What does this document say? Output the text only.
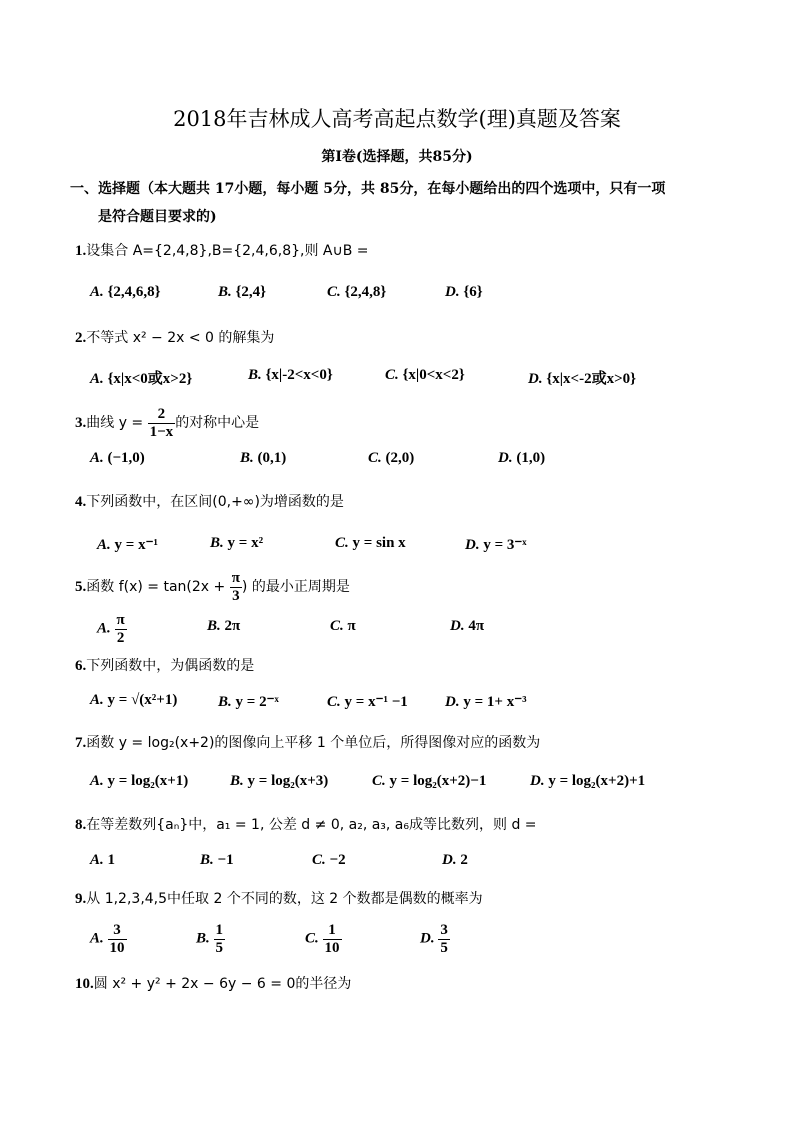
2018年吉林成人高考高起点数学(理)真题及答案
第Ⅰ卷(选择题，共85分)
一、选择题（本大题共 17小题，每小题 5分，共 85分，在每小题给出的四个选项中，只有一项
是符合题目要求的)
1.设集合 A={2,4,8},B={2,4,6,8},则 A∪B =
A. {2,4,6,8}	B. {2,4}	C. {2,4,8}	D. {6}
2.不等式 x² − 2x < 0 的解集为
A. {x|x<0或x>2}	B. {x|-2<x<0}	C. {x|0<x<2}	D. {x|x<-2或x>0}
3.曲线 $y = \frac{2}{1-x}$ 的对称中心是
A. (−1,0)	B. (0,1)	C. (2,0)	D. (1,0)
4.下列函数中，在区间(0,+∞)为增函数的是
A. y = x⁻¹	B. y = x²	C. y = sin x	D. y = 3⁻ˣ
5.函数 $f(x) = \tan(2x + \frac{\pi}{3}$ ) 的最小正周期是
A. $\frac{\pi}{2}$	B. 2π	C. π	D. 4π
6.下列函数中，为偶函数的是
A. y = √(x²+1)	B. y = 2⁻ˣ	C. y = x⁻¹ −1 D. y = 1+ x⁻³
7.函数 y = log₂(x+2)的图像向上平移 1 个单位后，所得图像对应的函数为
A. y = log₂(x+1)	B. y = log₂(x+3)	C. y = log₂(x+2)−1	D. y = log₂(x+2)+1
8.在等差数列{aₙ}中，a₁ = 1, 公差 d ≠ 0, a₂, a₃, a₆成等比数列，则 d =
A. 1	B. −1	C. −2	D. 2
9.从 1,2,3,4,5中任取 2 个不同的数，这 2 个数都是偶数的概率为
A. $\frac{3}{10}$	B. $\frac{1}{5}$	C. $\frac{1}{10}$	D. $\frac{3}{5}$
10.圆 x² + y² + 2x − 6y − 6 = 0的半径为
